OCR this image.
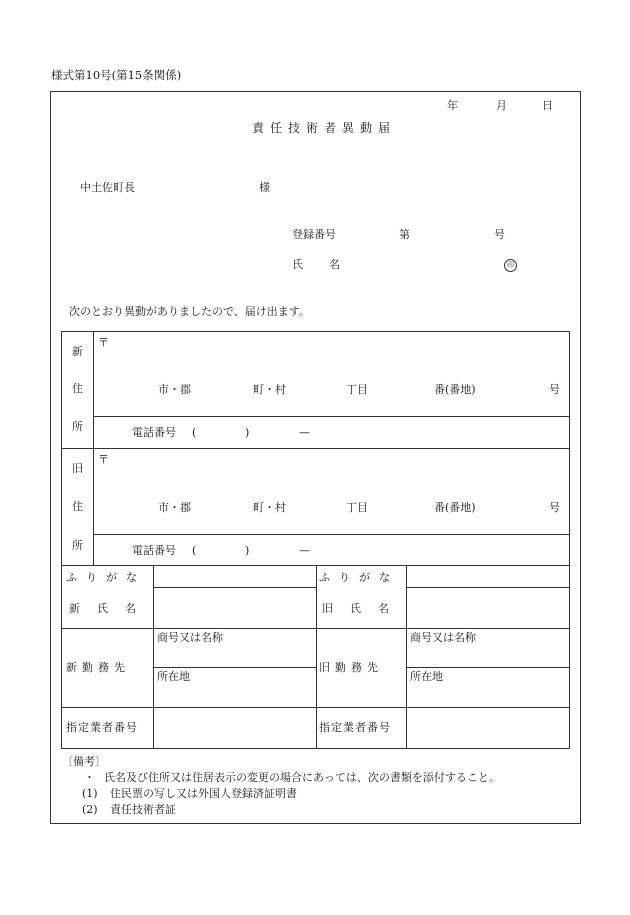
様式第10号(第15条関係)
年	月	日
責任技術者異動届
中土佐町長	様
登録番号	第	号
氏 名	印
次のとおり異動がありましたので、届け出ます。
新
住
所
〒
市・郡	町・村	丁目	番(番地)	号
電話番号 (	)	—
旧
住
所
〒
市・郡	町・村	丁目	番(番地)	号
電話番号 (	)	—
ふりがな	ふりがな
新氏名	旧氏名
新勤務先	旧勤務先
商号又は名称	商号又は名称
所在地	所在地
指定業者番号	指定業者番号
〔備考〕
・ 氏名及び住所又は住居表示の変更の場合にあっては、次の書類を添付すること。
(1) 住民票の写し又は外国人登録済証明書
(2) 責任技術者証
